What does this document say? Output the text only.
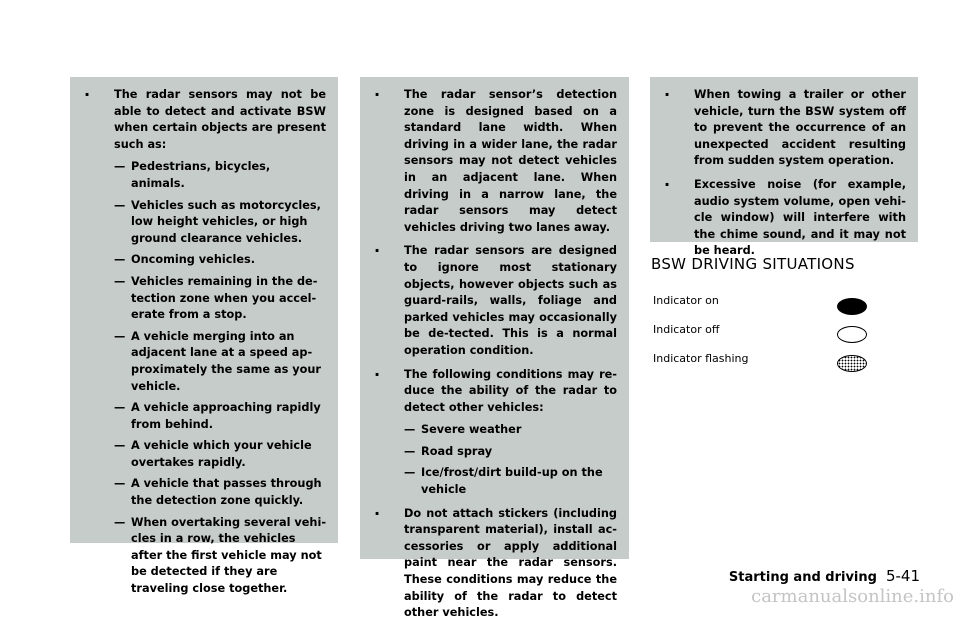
. The radar sensors may not be able to detect and activate BSW when certain objects are present such as:
— Pedestrians, bicycles, animals.
— Vehicles such as motorcycles, low height vehicles, or high ground clearance vehicles.
— Oncoming vehicles.
— Vehicles remaining in the de-tection zone when you accel-erate from a stop.
— A vehicle merging into an adjacent lane at a speed ap-proximately the same as your vehicle.
— A vehicle approaching rapidly from behind.
— A vehicle which your vehicle overtakes rapidly.
— A vehicle that passes through the detection zone quickly.
— When overtaking several vehi-cles in a row, the vehicles after the first vehicle may not be detected if they are traveling close together.
. The radar sensor’s detection zone is designed based on a standard lane width. When driving in a wider lane, the radar sensors may not detect vehicles in an adjacent lane. When driving in a narrow lane, the radar sensors may detect vehicles driving two lanes away.
. The radar sensors are designed to ignore most stationary objects, however objects such as guard-rails, walls, foliage and parked vehicles may occasionally be de-tected. This is a normal operation condition.
. The following conditions may re-duce the ability of the radar to detect other vehicles:
— Severe weather
— Road spray
— Ice/frost/dirt build-up on the vehicle
. Do not attach stickers (including transparent material), install ac-cessories or apply additional paint near the radar sensors. These conditions may reduce the ability of the radar to detect other vehicles.
. When towing a trailer or other vehicle, turn the BSW system off to prevent the occurrence of an unexpected accident resulting from sudden system operation.
. Excessive noise (for example, audio system volume, open vehi-cle window) will interfere with the chime sound, and it may not be heard.
BSW DRIVING SITUATIONS
Indicator on
Indicator off
Indicator flashing
Starting and driving 5-41
carmanualsonline.info
